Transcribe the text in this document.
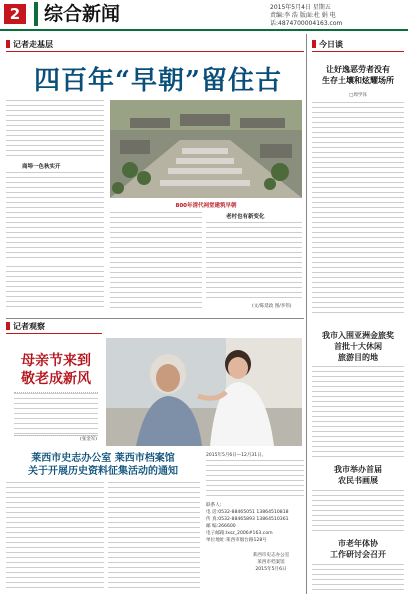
2	综合新闻	2015年5月4日 星期五
责编:李 浩 版面:杜 娟 电话:4874700004163.com
记者走基层
四百年“早朝”留住古
商埠一色秋实开
800年清代祠堂建筑早朝
老村也有新变化
(文/陈延政 图/李伟)
今日谈
让好逸恶劳者没有
生存土壤和炫耀场所
□周学泽
记者观察
母亲节来到
敬老成新风
(张金军)
莱西市史志办公室 莱西市档案馆
关于开展历史资料征集活动的通知
2015年5月6日—12月31日。
联系人:
电 话:0532-88465051 13864510818
传 真:0532-88465893 13864510361
邮 编:266600
电子邮箱:lxsz_2006#163.com
单位地址:莱西市烟台路128号
莱西市史志办公室
莱西市档案馆
2015年5月6日
我市入围亚洲金旅奖
首批十大休闲
旅游目的地
我市举办首届
农民书画展
市老年体协
工作研讨会召开
